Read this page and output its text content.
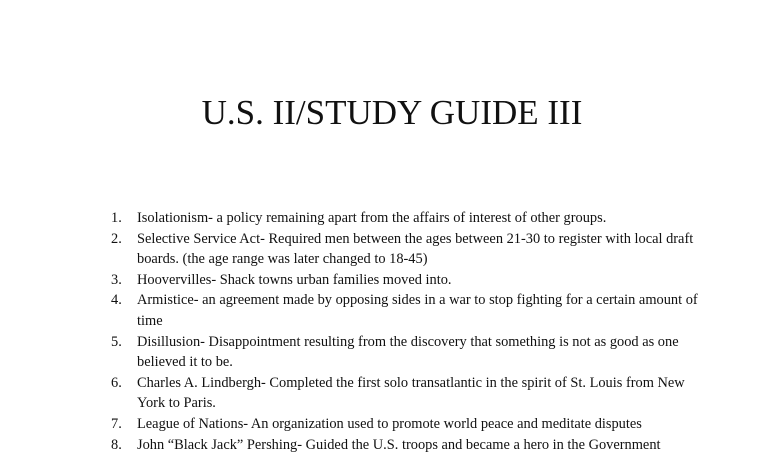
U.S. II/STUDY GUIDE III
1.	Isolationism- a policy remaining apart from the affairs of interest of other groups.
2.	Selective Service Act- Required men between the ages between 21-30 to register with local draft boards. (the age range was later changed to 18-45)
3.	Hoovervilles- Shack towns urban families moved into.
4.	Armistice- an agreement made by opposing sides in a war to stop fighting for a certain amount of time
5.	Disillusion- Disappointment resulting from the discovery that something is not as good as one believed it to be.
6.	Charles A. Lindbergh- Completed the first solo transatlantic in the spirit of St. Louis from New York to Paris.
7.	League of Nations- An organization used to promote world peace and meditate disputes
8.	John “Black Jack” Pershing- Guided the U.S. troops and became a hero in the Government
